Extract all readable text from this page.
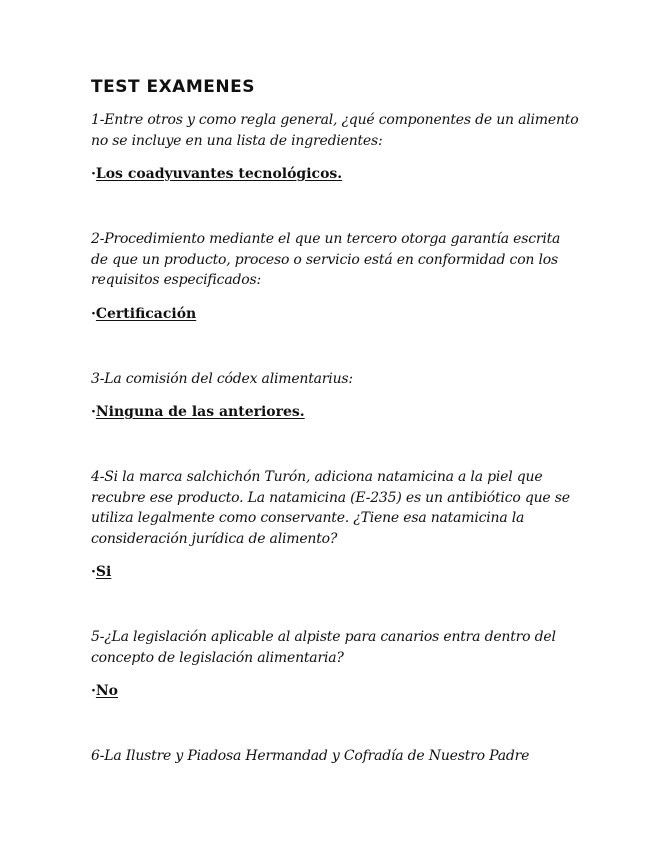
TEST EXAMENES

1-Entre otros y como regla general, ¿qué componentes de un alimento no se incluye en una lista de ingredientes:

·Los coadyuvantes tecnológicos.

2-Procedimiento mediante el que un tercero otorga garantía escrita de que un producto, proceso o servicio está en conformidad con los requisitos especificados:

·Certificación

3-La comisión del códex alimentarius:

·Ninguna de las anteriores.

4-Si la marca salchichón Turón, adiciona natamicina a la piel que recubre ese producto. La natamicina (E-235) es un antibiótico que se utiliza legalmente como conservante. ¿Tiene esa natamicina la consideración jurídica de alimento?

·Si

5-¿La legislación aplicable al alpiste para canarios entra dentro del concepto de legislación alimentaria?

·No

6-La Ilustre y Piadosa Hermandad y Cofradía de Nuestro Padre
